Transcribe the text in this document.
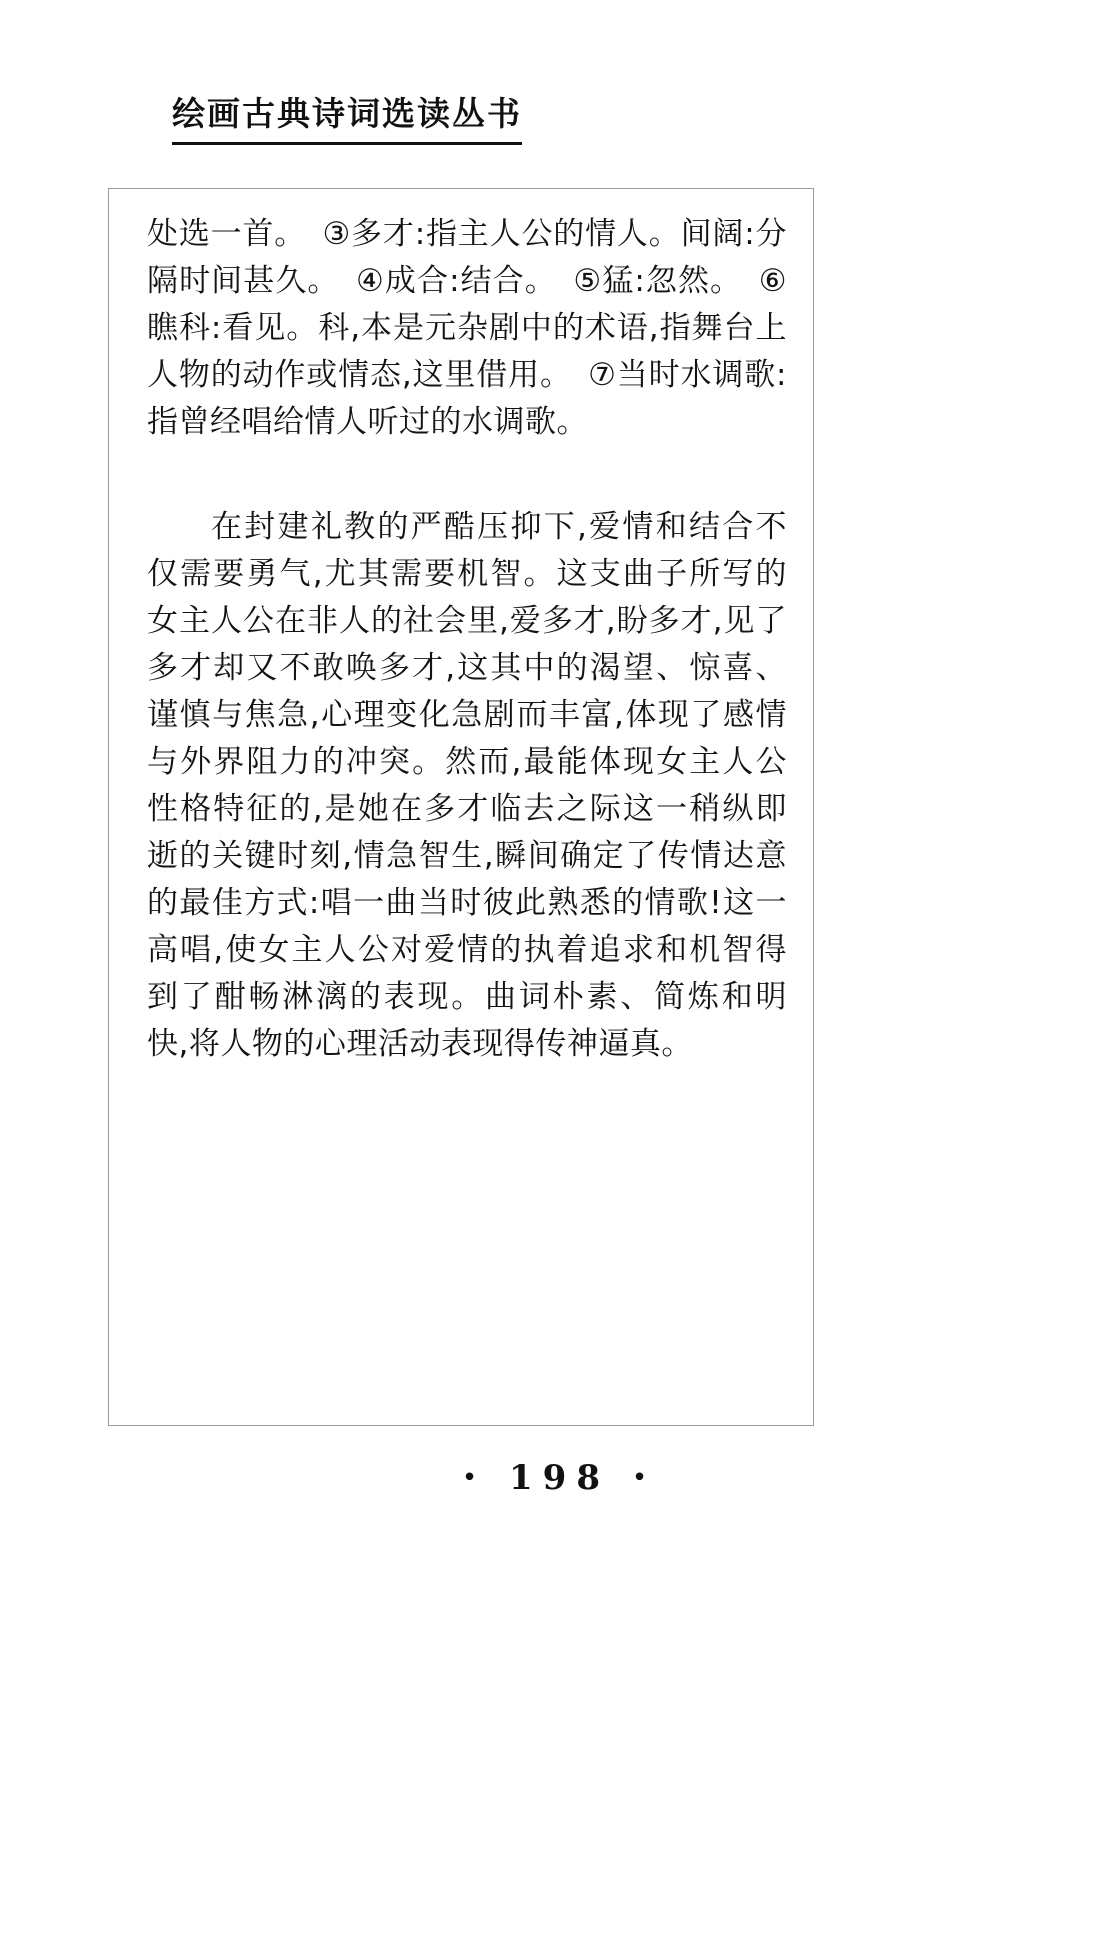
绘画古典诗词选读丛书

处选一首。　③多才:指主人公的情人。间阔:分隔时间甚久。　④成合:结合。　⑤猛:忽然。　⑥瞧科:看见。科,本是元杂剧中的术语,指舞台上人物的动作或情态,这里借用。　⑦当时水调歌:指曾经唱给情人听过的水调歌。

在封建礼教的严酷压抑下,爱情和结合不仅需要勇气,尤其需要机智。这支曲子所写的女主人公在非人的社会里,爱多才,盼多才,见了多才却又不敢唤多才,这其中的渴望、惊喜、谨慎与焦急,心理变化急剧而丰富,体现了感情与外界阻力的冲突。然而,最能体现女主人公性格特征的,是她在多才临去之际这一稍纵即逝的关键时刻,情急智生,瞬间确定了传情达意的最佳方式:唱一曲当时彼此熟悉的情歌!这一高唱,使女主人公对爱情的执着追求和机智得到了酣畅淋漓的表现。曲词朴素、简炼和明快,将人物的心理活动表现得传神逼真。

• 198 •
